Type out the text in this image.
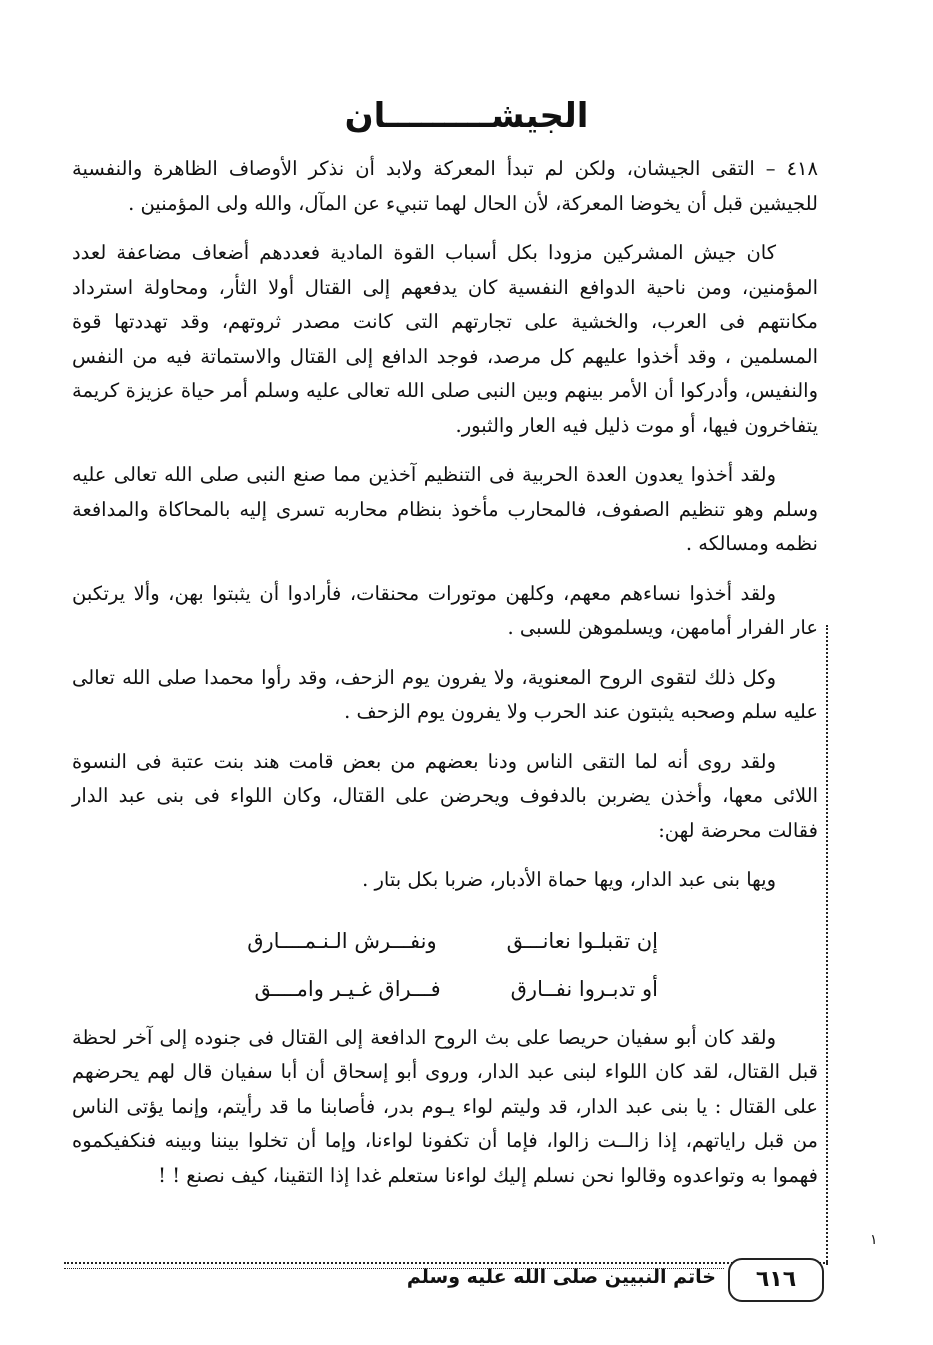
الجيشـــــــــان

٤١٨ – التقى الجيشان، ولكن لم تبدأ المعركة ولابد أن نذكر الأوصاف الظاهرة والنفسية للجيشين قبل أن يخوضا المعركة، لأن الحال لهما تنبيء عن المآل، والله ولى المؤمنين .

كان جيش المشركين مزودا بكل أسباب القوة المادية فعددهم أضعاف مضاعفة لعدد المؤمنين، ومن ناحية الدوافع النفسية كان يدفعهم إلى القتال أولا الثأر، ومحاولة استرداد مكانتهم فى العرب، والخشية على تجارتهم التى كانت مصدر ثروتهم، وقد تهددتها قوة المسلمين ، وقد أخذوا عليهم كل مرصد، فوجد الدافع إلى القتال والاستماتة فيه من النفس والنفيس، وأدركوا أن الأمر بينهم وبين النبى صلى الله تعالى عليه وسلم أمر حياة عزيزة كريمة يتفاخرون فيها، أو موت ذليل فيه العار والثبور.

ولقد أخذوا يعدون العدة الحربية فى التنظيم آخذين مما صنع النبى صلى الله تعالى عليه وسلم وهو تنظيم الصفوف، فالمحارب مأخوذ بنظام محاربه تسرى إليه بالمحاكاة والمدافعة نظمه ومسالكه .

ولقد أخذوا نساءهم معهم، وكلهن موتورات محنقات، فأرادوا أن يثبتوا بهن، وألا يرتكبن عار الفرار أمامهن، ويسلموهن للسبى .

وكل ذلك لتقوى الروح المعنوية، ولا يفرون يوم الزحف، وقد رأوا محمدا صلى الله تعالى عليه سلم وصحبه يثبتون عند الحرب ولا يفرون يوم الزحف .

ولقد روى أنه لما التقى الناس ودنا بعضهم من بعض قامت هند بنت عتبة فى النسوة اللائى معها، وأخذن يضربن بالدفوف ويحرضن على القتال، وكان اللواء فى بنى عبد الدار فقالت محرضة لهن:

ويها بنى عبد الدار، ويها حماة الأدبار، ضربا بكل بتار .
إن تقبلـوا نعانـــق
ونفـــرش الـنـمــــارق
أو تدبـروا نفــارق
فـــراق غـيـر وامــــق

ولقد كان أبو سفيان حريصا على بث الروح الدافعة إلى القتال فى جنوده إلى آخر لحظة قبل القتال، لقد كان اللواء لبنى عبد الدار، وروى أبو إسحاق أن أبا سفيان قال لهم يحرضهم على القتال : يا بنى عبد الدار، قد وليتم لواء يـوم بدر، فأصابنا ما قد رأيتم، وإنما يؤتى الناس من قبل راياتهم، إذا زالــت زالوا، فإما أن تكفونا لواءنا، وإما أن تخلوا بيننا وبينه فنكفيكموه فهموا به وتواعدوه وقالوا نحن نسلم إليك لواءنا ستعلم غدا إذا التقينا، كيف نصنع ! !

٦١٦
خاتم النبيين صلى الله عليه وسلم
١
